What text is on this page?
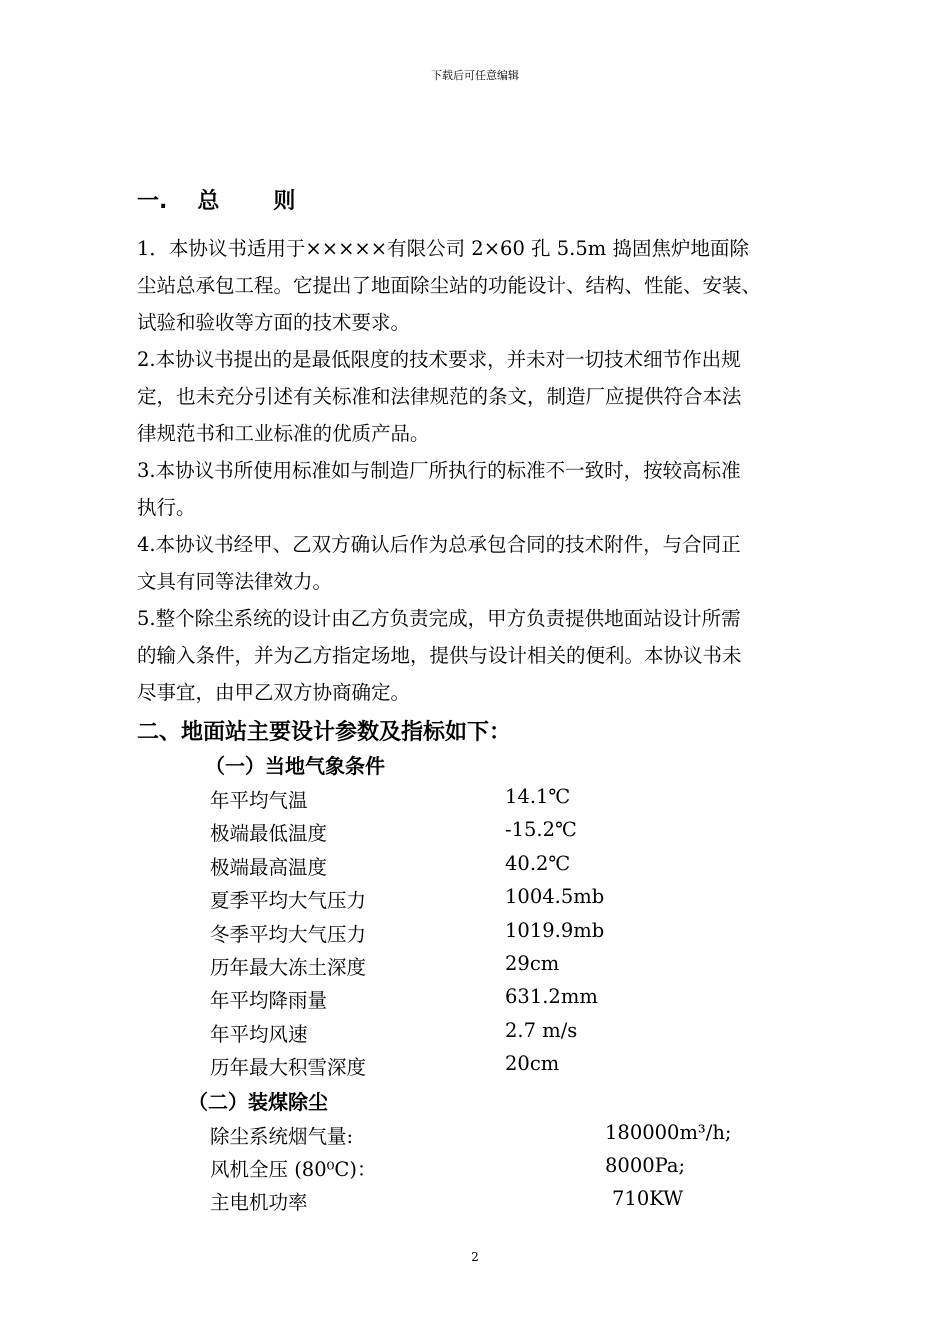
下载后可任意编辑
一. 总 则

1．本协议书适用于×××××有限公司 2×60 孔 5.5m 捣固焦炉地面除

尘站总承包工程。它提出了地面除尘站的功能设计、结构、性能、安装、

试验和验收等方面的技术要求。

2.本协议书提出的是最低限度的技术要求，并未对一切技术细节作出规

定，也未充分引述有关标准和法律规范的条文，制造厂应提供符合本法

律规范书和工业标准的优质产品。

3.本协议书所使用标准如与制造厂所执行的标准不一致时，按较高标准

执行。

4.本协议书经甲、乙双方确认后作为总承包合同的技术附件，与合同正

文具有同等法律效力。

5.整个除尘系统的设计由乙方负责完成，甲方负责提供地面站设计所需

的输入条件，并为乙方指定场地，提供与设计相关的便利。本协议书未

尽事宜，由甲乙双方协商确定。

二、地面站主要设计参数及指标如下：
（一）当地气象条件
年平均气温	14.1℃
极端最低温度	-15.2℃
极端最高温度	40.2℃
夏季平均大气压力	1004.5mb
冬季平均大气压力	1019.9mb
历年最大冻土深度	29cm
年平均降雨量	631.2mm
年平均风速	2.7 m/s
历年最大积雪深度	20cm
（二）装煤除尘
除尘系统烟气量:	180000m³/h;
风机全压 (80⁰C)：	8000Pa;
主电机功率	710KW
2
